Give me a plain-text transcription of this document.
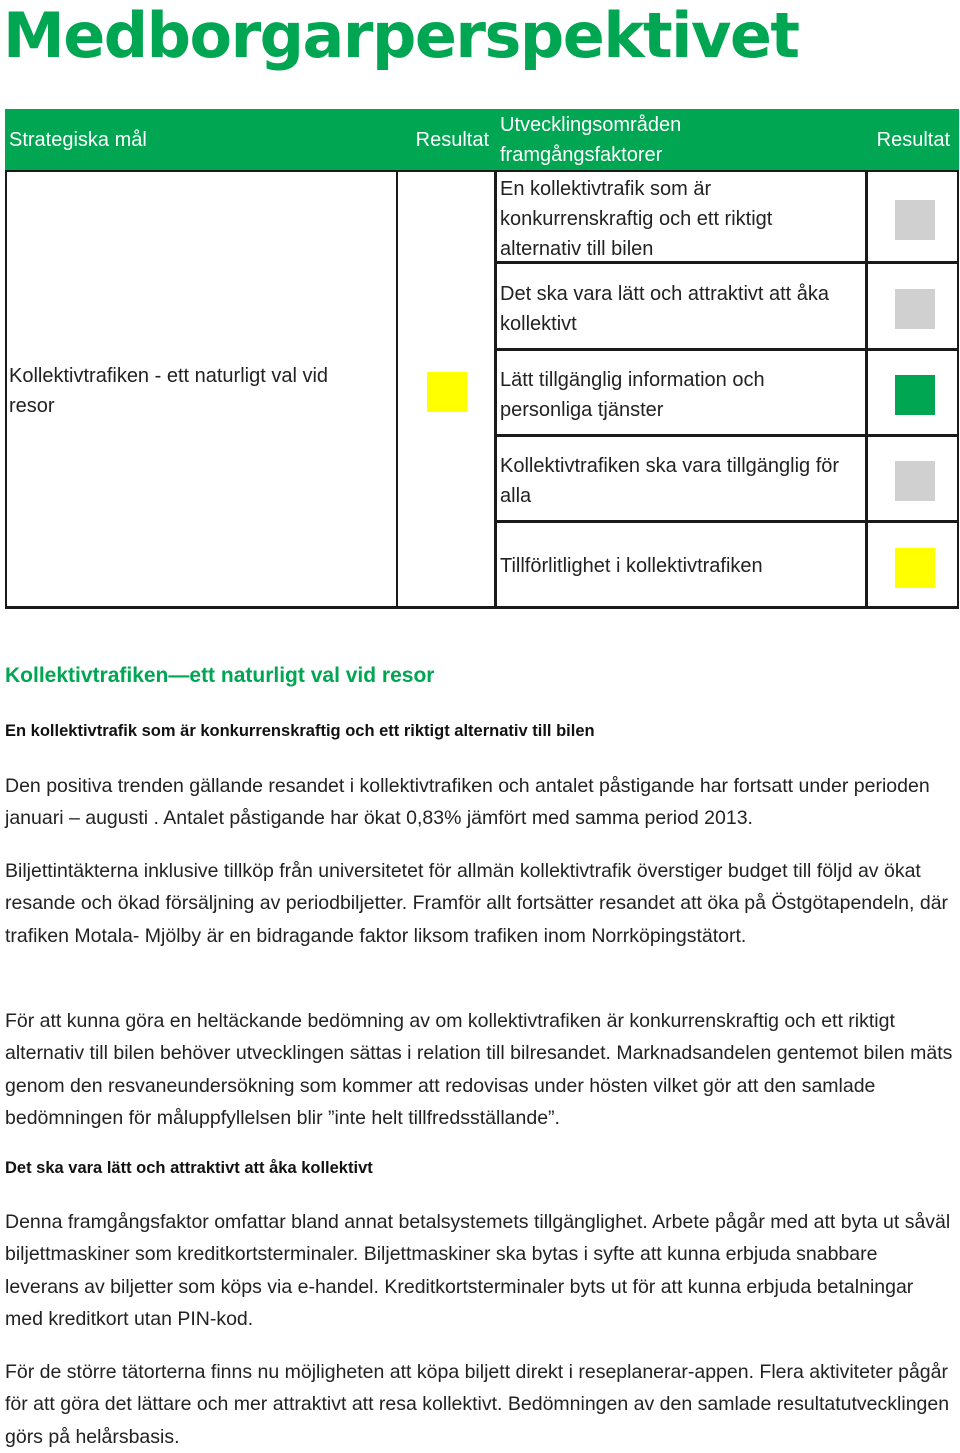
Medborgarperspektivet
Strategiska mål	Resultat
Utvecklingsområden
framgångsfaktorer
Resultat
Kollektivtrafiken - ett naturligt val vid resor
En kollektivtrafik som är konkurrenskraftig och ett riktigt alternativ till bilen
Det ska vara lätt och attraktivt att åka kollektivt
Lätt tillgänglig information och personliga tjänster
Kollektivtrafiken ska vara tillgänglig för alla
Tillförlitlighet i kollektivtrafiken
Kollektivtrafiken—ett naturligt val vid resor
En kollektivtrafik som är konkurrenskraftig och ett riktigt alternativ till bilen
Den positiva trenden gällande resandet i kollektivtrafiken och antalet påstigande har fortsatt under perioden januari – augusti . Antalet påstigande har ökat 0,83% jämfört med samma period 2013.
Biljettintäkterna inklusive tillköp från universitetet för allmän kollektivtrafik överstiger budget till följd av ökat resande och ökad försäljning av periodbiljetter. Framför allt fortsätter resandet att öka på Östgötapendeln, där trafiken Motala- Mjölby är en bidragande faktor liksom trafiken inom Norrköpingstätort.
För att kunna göra en heltäckande bedömning av om kollektivtrafiken är konkurrenskraftig och ett riktigt alternativ till bilen behöver utvecklingen sättas i relation till bilresandet. Marknadsandelen gentemot bilen mäts genom den resvaneundersökning som kommer att redovisas under hösten vilket gör att den samlade bedömningen för måluppfyllelsen blir ”inte helt tillfredsställande”.
Det ska vara lätt och attraktivt att åka kollektivt
Denna framgångsfaktor omfattar bland annat betalsystemets tillgänglighet. Arbete pågår med att byta ut såväl biljettmaskiner som kreditkortsterminaler. Biljettmaskiner ska bytas i syfte att kunna erbjuda snabbare leverans av biljetter som köps via e-handel. Kreditkortsterminaler byts ut för att kunna erbjuda betalningar med kreditkort utan PIN-kod.
För de större tätorterna finns nu möjligheten att köpa biljett direkt i reseplanerar-appen. Flera aktiviteter pågår för att göra det lättare och mer attraktivt att resa kollektivt. Bedömningen av den samlade resultatutvecklingen görs på helårsbasis.
